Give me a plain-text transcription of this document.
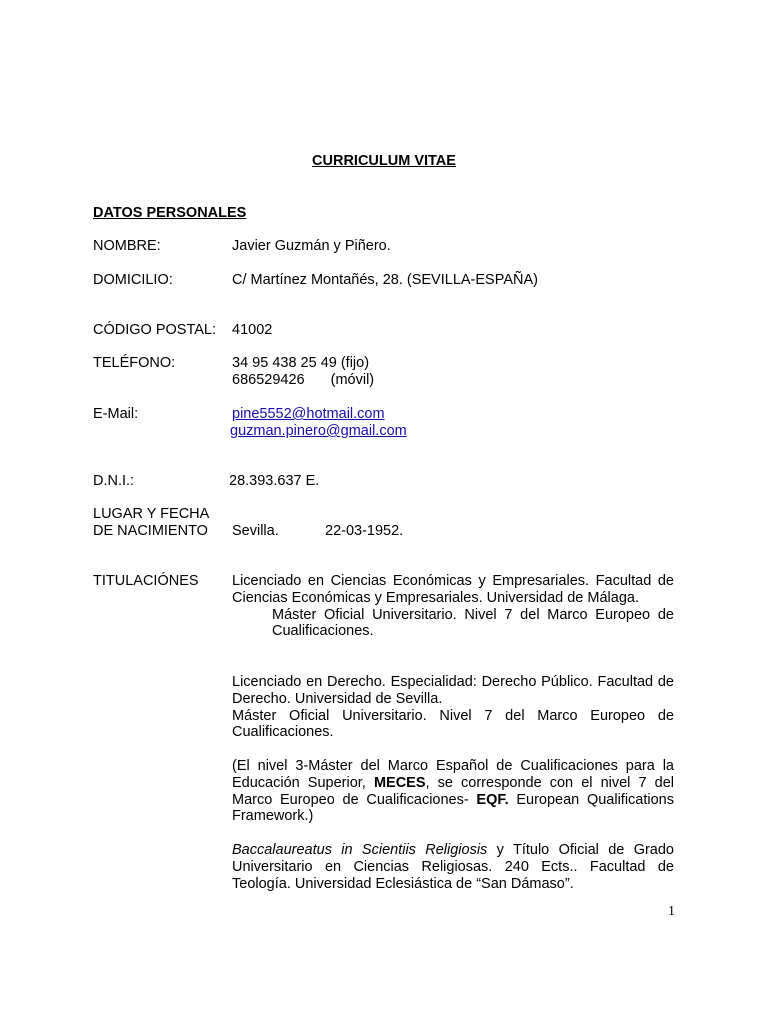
CURRICULUM VITAE
DATOS PERSONALES
NOMBRE:	Javier Guzmán y Piñero.
DOMICILIO:	C/ Martínez Montañés, 28. (SEVILLA-ESPAÑA)
CÓDIGO POSTAL: 41002
TELÉFONO:	34 95 438 25 49 (fijo)
686529426 (móvil)
E-Mail:	pine5552@hotmail.com
guzman.pinero@gmail.com
D.N.I.:	28.393.637 E.
LUGAR Y FECHA
DE NACIMIENTO Sevilla.	22-03-1952.
TITULACIÓNES Licenciado en Ciencias Económicas y Empresariales. Facultad de Ciencias Económicas y Empresariales. Universidad de Málaga.
Máster Oficial Universitario. Nivel 7 del Marco Europeo de Cualificaciones.
Licenciado en Derecho. Especialidad: Derecho Público. Facultad de Derecho. Universidad de Sevilla.
Máster Oficial Universitario. Nivel 7 del Marco Europeo de Cualificaciones.
(El nivel 3-Máster del Marco Español de Cualificaciones para la Educación Superior, MECES, se corresponde con el nivel 7 del Marco Europeo de Cualificaciones- EQF. European Qualifications Framework.)
Baccalaureatus in Scientiis Religiosis y Título Oficial de Grado Universitario en Ciencias Religiosas. 240 Ects.. Facultad de Teología. Universidad Eclesiástica de “San Dámaso”.
1
